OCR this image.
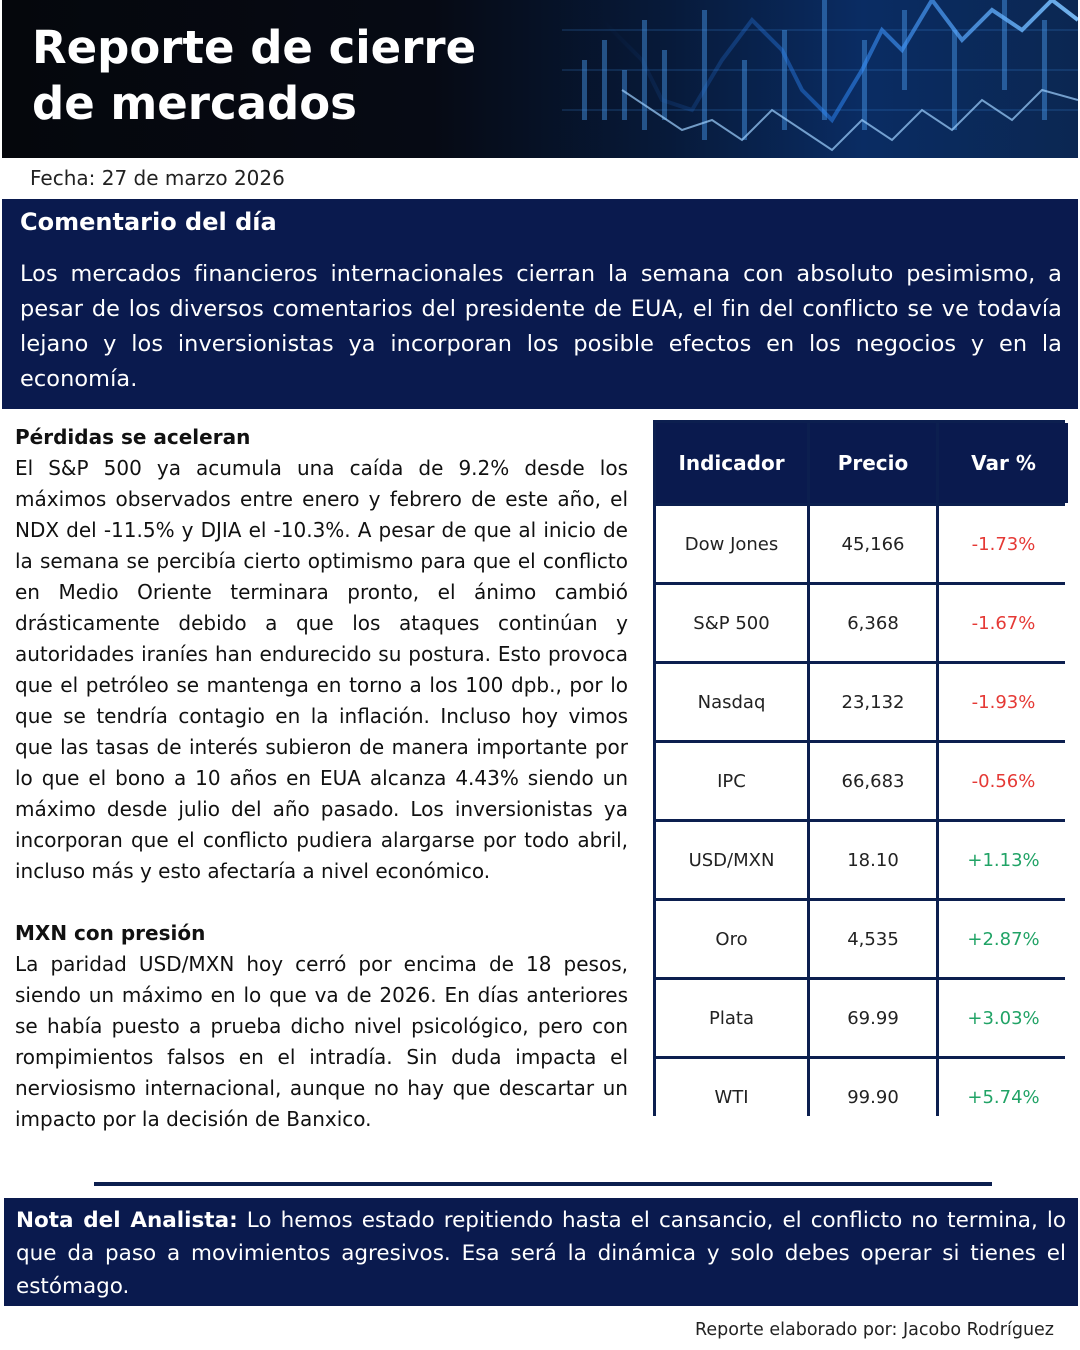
Reporte de cierre
de mercados
Fecha: 27 de marzo 2026
Comentario del día
Los mercados financieros internacionales cierran la semana con absoluto pesimismo, a pesar de los diversos comentarios del presidente de EUA, el fin del conflicto se ve todavía lejano y los inversionistas ya incorporan los posible efectos en los negocios y en la economía.
Pérdidas se aceleran
El S&P 500 ya acumula una caída de 9.2% desde los máximos observados entre enero y febrero de este año, el NDX del -11.5% y DJIA el -10.3%. A pesar de que al inicio de la semana se percibía cierto optimismo para que el conflicto en Medio Oriente terminara pronto, el ánimo cambió drásticamente debido a que los ataques continúan y autoridades iraníes han endurecido su postura. Esto provoca que el petróleo se mantenga en torno a los 100 dpb., por lo que se tendría contagio en la inflación. Incluso hoy vimos que las tasas de interés subieron de manera importante por lo que el bono a 10 años en EUA alcanza 4.43% siendo un máximo desde julio del año pasado. Los inversionistas ya incorporan que el conflicto pudiera alargarse por todo abril, incluso más y esto afectaría a nivel económico.
MXN con presión
La paridad USD/MXN hoy cerró por encima de 18 pesos, siendo un máximo en lo que va de 2026. En días anteriores se había puesto a prueba dicho nivel psicológico, pero con rompimientos falsos en el intradía. Sin duda impacta el nerviosismo internacional, aunque no hay que descartar un impacto por la decisión de Banxico.
Indicador	Precio	Var %
Dow Jones	45,166	-1.73%
S&P 500	6,368	-1.67%
Nasdaq	23,132	-1.93%
IPC	66,683	-0.56%
USD/MXN	18.10	+1.13%
Oro	4,535	+2.87%
Plata	69.99	+3.03%
WTI	99.90	+5.74%
Nota del Analista: Lo hemos estado repitiendo hasta el cansancio, el conflicto no termina, lo que da paso a movimientos agresivos. Esa será la dinámica y solo debes operar si tienes el estómago.
Reporte elaborado por: Jacobo Rodríguez
